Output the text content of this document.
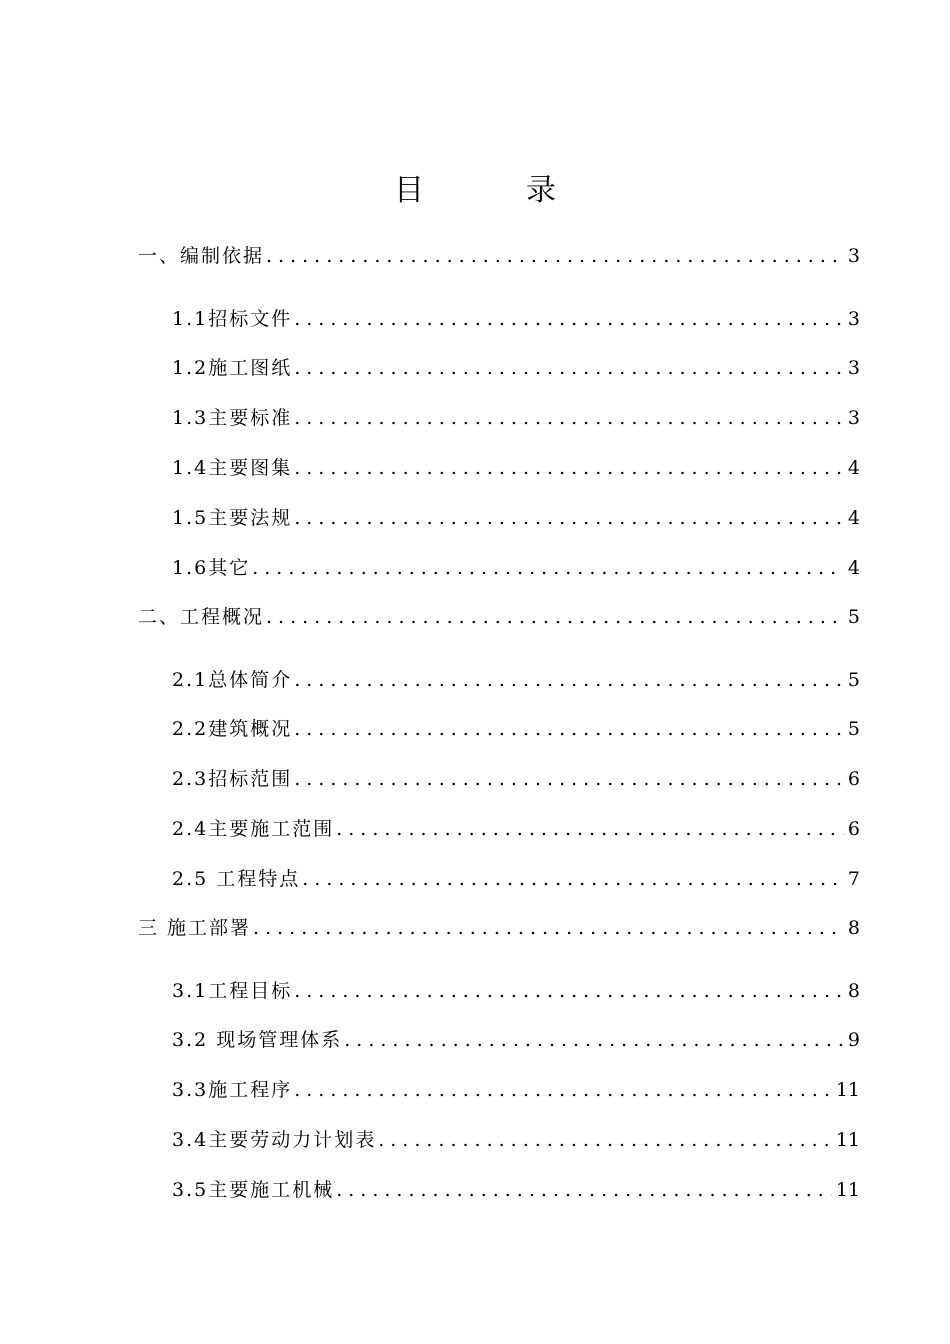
目　录
一、编制依据 .....	3
1.1招标文件 .....	3
1.2施工图纸 .....	3
1.3主要标准 .....	3
1.4主要图集 .....	4
1.5主要法规 .....	4
1.6其它 .....	4
二、工程概况 .....	5
2.1总体简介 .....	5
2.2建筑概况 .....	5
2.3招标范围 .....	6
2.4主要施工范围 .....	6
2.5 工程特点 .....	7
三 施工部署 .....	8
3.1工程目标 .....	8
3.2 现场管理体系 .....	9
3.3施工程序 .....	11
3.4主要劳动力计划表 .....	11
3.5主要施工机械 .....	11
